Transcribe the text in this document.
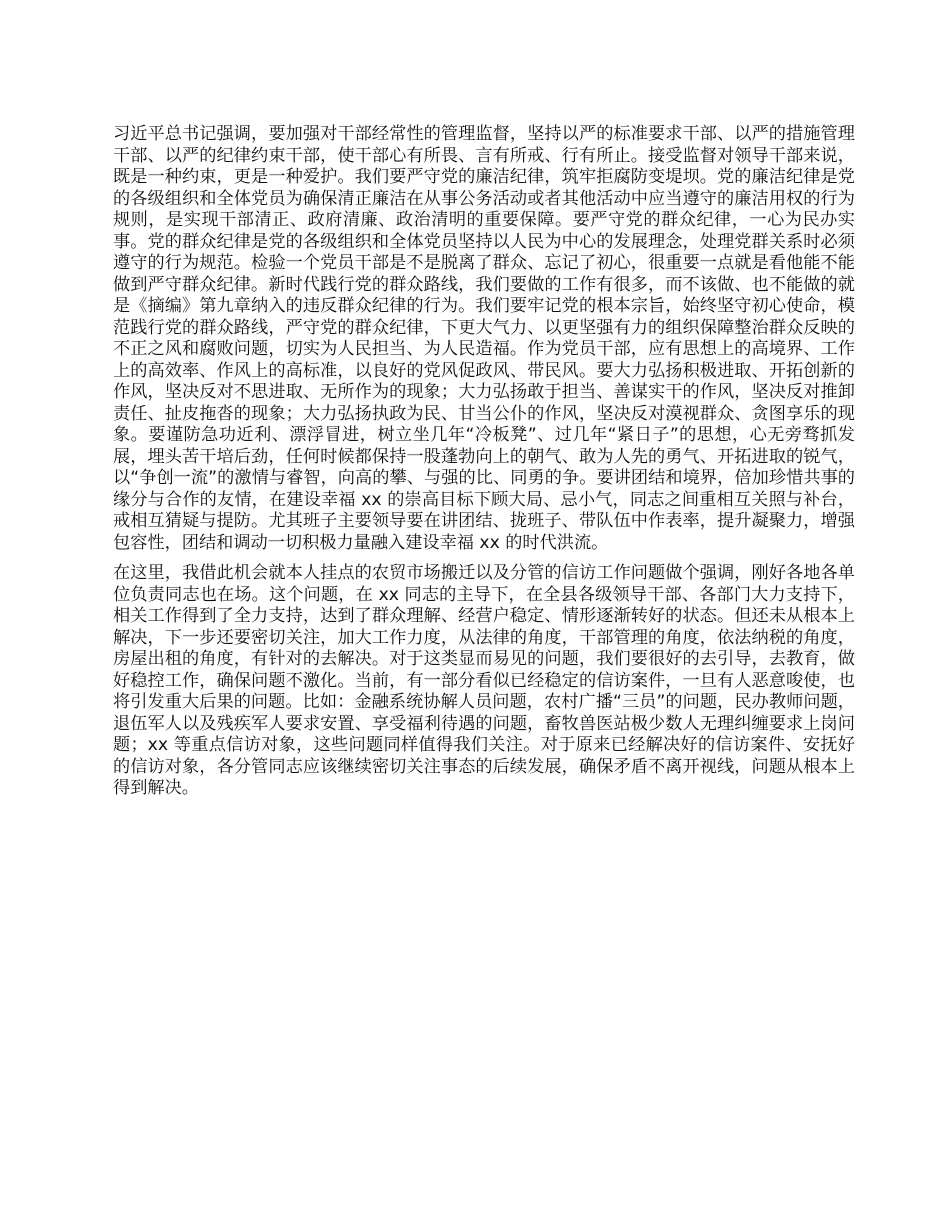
习近平总书记强调，要加强对干部经常性的管理监督，坚持以严的标准要求干部、以严的措施管理干部、以严的纪律约束干部，使干部心有所畏、言有所戒、行有所止。接受监督对领导干部来说，既是一种约束，更是一种爱护。我们要严守党的廉洁纪律，筑牢拒腐防变堤坝。党的廉洁纪律是党的各级组织和全体党员为确保清正廉洁在从事公务活动或者其他活动中应当遵守的廉洁用权的行为规则，是实现干部清正、政府清廉、政治清明的重要保障。要严守党的群众纪律，一心为民办实事。党的群众纪律是党的各级组织和全体党员坚持以人民为中心的发展理念，处理党群关系时必须遵守的行为规范。检验一个党员干部是不是脱离了群众、忘记了初心，很重要一点就是看他能不能做到严守群众纪律。新时代践行党的群众路线，我们要做的工作有很多，而不该做、也不能做的就是《摘编》第九章纳入的违反群众纪律的行为。我们要牢记党的根本宗旨，始终坚守初心使命，模范践行党的群众路线，严守党的群众纪律，下更大气力、以更坚强有力的组织保障整治群众反映的不正之风和腐败问题，切实为人民担当、为人民造福。作为党员干部，应有思想上的高境界、工作上的高效率、作风上的高标准，以良好的党风促政风、带民风。要大力弘扬积极进取、开拓创新的作风，坚决反对不思进取、无所作为的现象；大力弘扬敢于担当、善谋实干的作风，坚决反对推卸责任、扯皮拖沓的现象；大力弘扬执政为民、甘当公仆的作风，坚决反对漠视群众、贪图享乐的现象。要谨防急功近利、漂浮冒进，树立坐几年“冷板凳”、过几年“紧日子”的思想，心无旁骛抓发展，埋头苦干培后劲，任何时候都保持一股蓬勃向上的朝气、敢为人先的勇气、开拓进取的锐气，以“争创一流”的激情与睿智，向高的攀、与强的比、同勇的争。要讲团结和境界，倍加珍惜共事的缘分与合作的友情，在建设幸福 xx 的崇高目标下顾大局、忌小气，同志之间重相互关照与补台，戒相互猜疑与提防。尤其班子主要领导要在讲团结、拢班子、带队伍中作表率，提升凝聚力，增强包容性，团结和调动一切积极力量融入建设幸福 xx 的时代洪流。

在这里，我借此机会就本人挂点的农贸市场搬迁以及分管的信访工作问题做个强调，刚好各地各单位负责同志也在场。这个问题，在 xx 同志的主导下，在全县各级领导干部、各部门大力支持下，相关工作得到了全力支持，达到了群众理解、经营户稳定、情形逐渐转好的状态。但还未从根本上解决，下一步还要密切关注，加大工作力度，从法律的角度，干部管理的角度，依法纳税的角度，房屋出租的角度，有针对的去解决。对于这类显而易见的问题，我们要很好的去引导，去教育，做好稳控工作，确保问题不激化。当前，有一部分看似已经稳定的信访案件，一旦有人恶意唆使，也将引发重大后果的问题。比如：金融系统协解人员问题，农村广播“三员”的问题，民办教师问题，退伍军人以及残疾军人要求安置、享受福利待遇的问题，畜牧兽医站极少数人无理纠缠要求上岗问题；xx 等重点信访对象，这些问题同样值得我们关注。对于原来已经解决好的信访案件、安抚好的信访对象，各分管同志应该继续密切关注事态的后续发展，确保矛盾不离开视线，问题从根本上得到解决。
